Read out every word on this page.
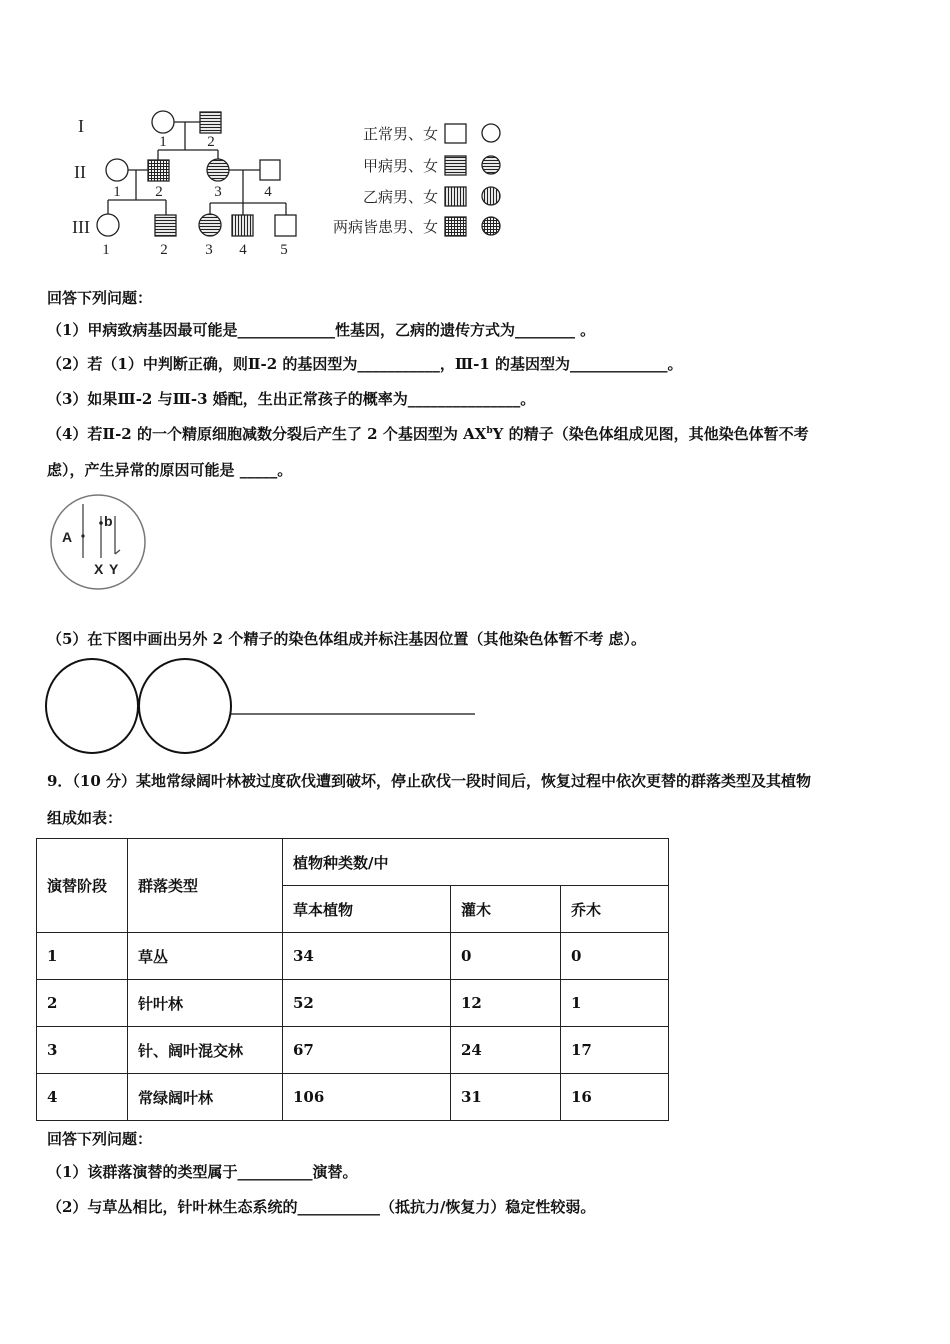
I
II
III
1	2
1 2	3	4
1	2	3 4 5
正常男、女
甲病男、女
乙病男、女
两病皆患男、女
回答下列问题：
（1）甲病致病基因最可能是_____________性基因，乙病的遗传方式为________ 。
（2）若（1）中判断正确，则Ⅱ-2 的基因型为___________，Ⅲ-1 的基因型为_____________。
（3）如果Ⅲ-2 与Ⅲ-3 婚配，生出正常孩子的概率为_______________。
（4）若Ⅱ-2 的一个精原细胞减数分裂后产生了 2 个基因型为 $AX^bY$ 的精子（染色体组成见图，其他染色体暂不考
虑），产生异常的原因可能是 _____。
A
b
X Y
（5）在下图中画出另外 2 个精子的染色体组成并标注基因位置（其他染色体暂不考 虑）。
9．（10 分）某地常绿阔叶林被过度砍伐遭到破坏，停止砍伐一段时间后，恢复过程中依次更替的群落类型及其植物
组成如表：
演替阶段	群落类型	植物种类数/中		
		草本植物	灌木	乔木
1	草丛	34	0	0
2	针叶林	52	12	1
3	针、阔叶混交林	67	24	17
4	常绿阔叶林	106	31	16
回答下列问题：
（1）该群落演替的类型属于__________演替。
（2）与草丛相比，针叶林生态系统的___________（抵抗力/恢复力）稳定性较弱。
